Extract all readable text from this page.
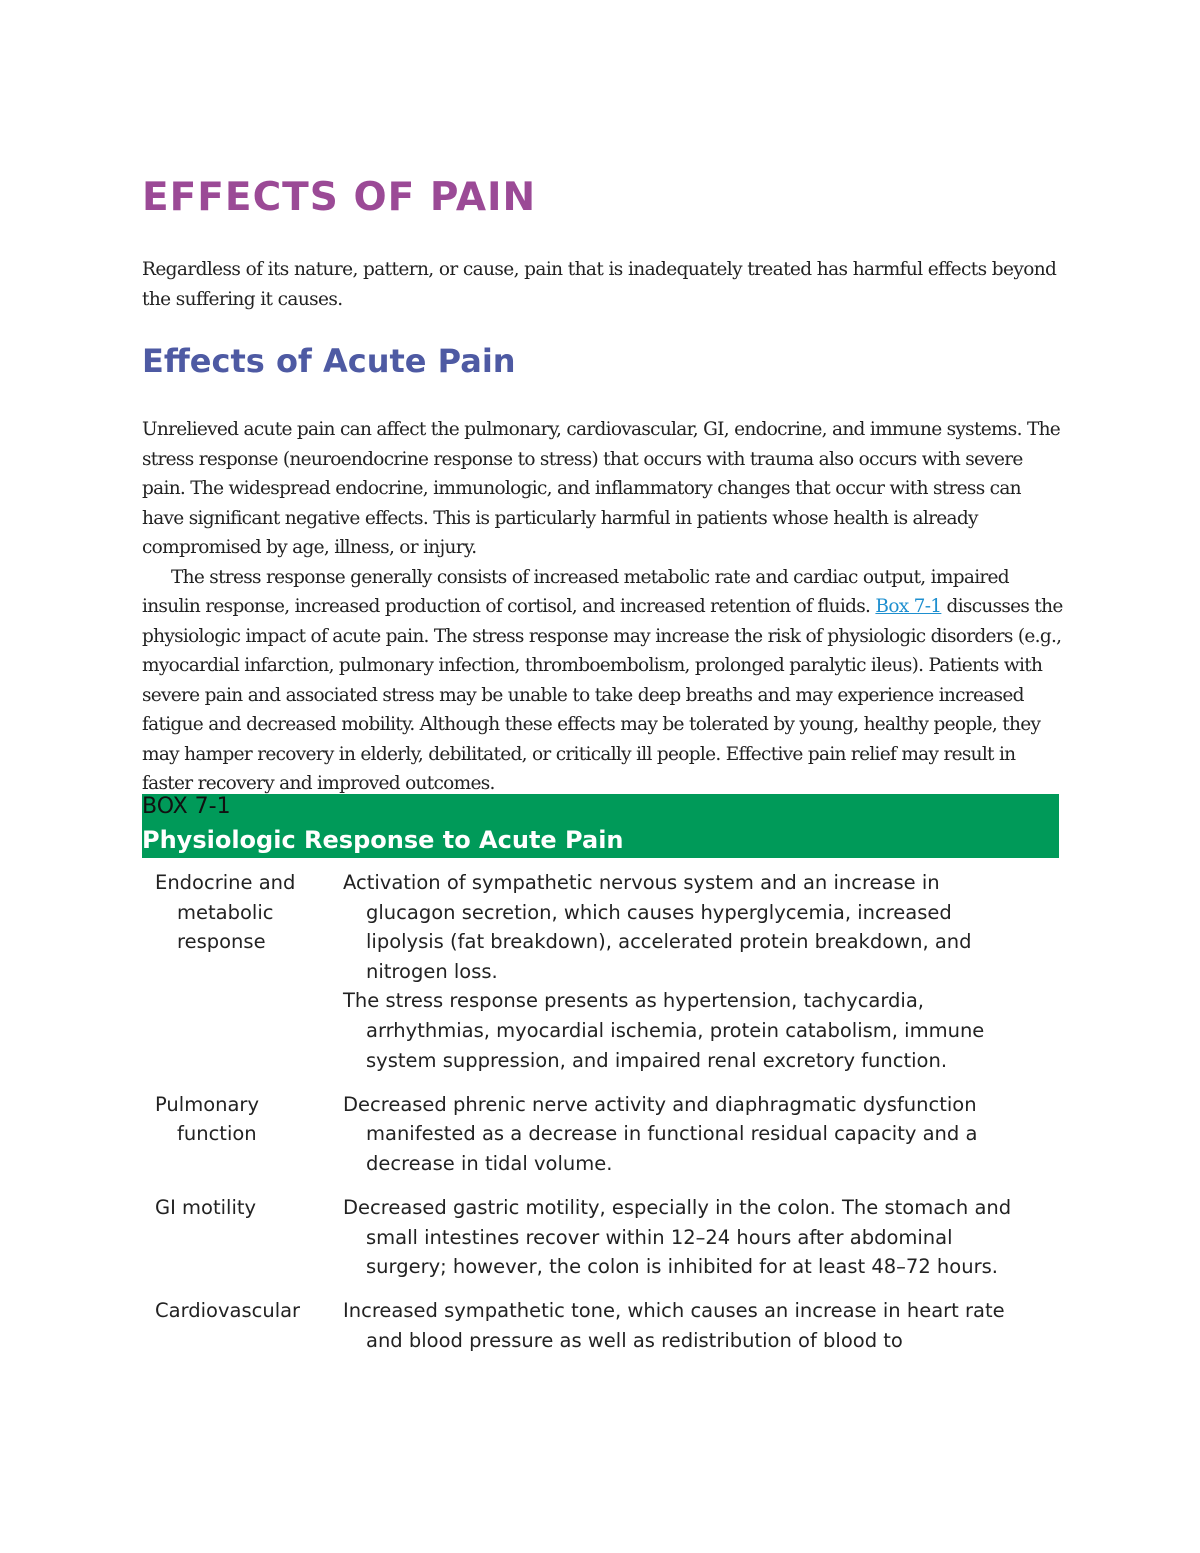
EFFECTS OF PAIN

Regardless of its nature, pattern, or cause, pain that is inadequately treated has harmful effects beyond the suffering it causes.

Effects of Acute Pain

Unrelieved acute pain can affect the pulmonary, cardiovascular, GI, endocrine, and immune systems. The stress response (neuroendocrine response to stress) that occurs with trauma also occurs with severe pain. The widespread endocrine, immunologic, and inflammatory changes that occur with stress can have significant negative effects. This is particularly harmful in patients whose health is already compromised by age, illness, or injury.

The stress response generally consists of increased metabolic rate and cardiac output, impaired insulin response, increased production of cortisol, and increased retention of fluids. Box 7-1 discusses the physiologic impact of acute pain. The stress response may increase the risk of physiologic disorders (e.g., myocardial infarction, pulmonary infection, thromboembolism, prolonged paralytic ileus). Patients with severe pain and associated stress may be unable to take deep breaths and may experience increased fatigue and decreased mobility. Although these effects may be tolerated by young, healthy people, they may hamper recovery in elderly, debilitated, or critically ill people. Effective pain relief may result in faster recovery and improved outcomes.

BOX 7-1
Physiologic Response to Acute Pain
Endocrine and metabolic response

Activation of sympathetic nervous system and an increase in glucagon secretion, which causes hyperglycemia, increased lipolysis (fat breakdown), accelerated protein breakdown, and nitrogen loss.

The stress response presents as hypertension, tachycardia, arrhythmias, myocardial ischemia, protein catabolism, immune system suppression, and impaired renal excretory function.

Pulmonary function

Decreased phrenic nerve activity and diaphragmatic dysfunction manifested as a decrease in functional residual capacity and a decrease in tidal volume.

GI motility	Decreased gastric motility, especially in the colon. The stomach and small intestines recover within 12–24 hours after abdominal surgery; however, the colon is inhibited for at least 48–72 hours.

Cardiovascular	Increased sympathetic tone, which causes an increase in heart rate and blood pressure as well as redistribution of blood to
